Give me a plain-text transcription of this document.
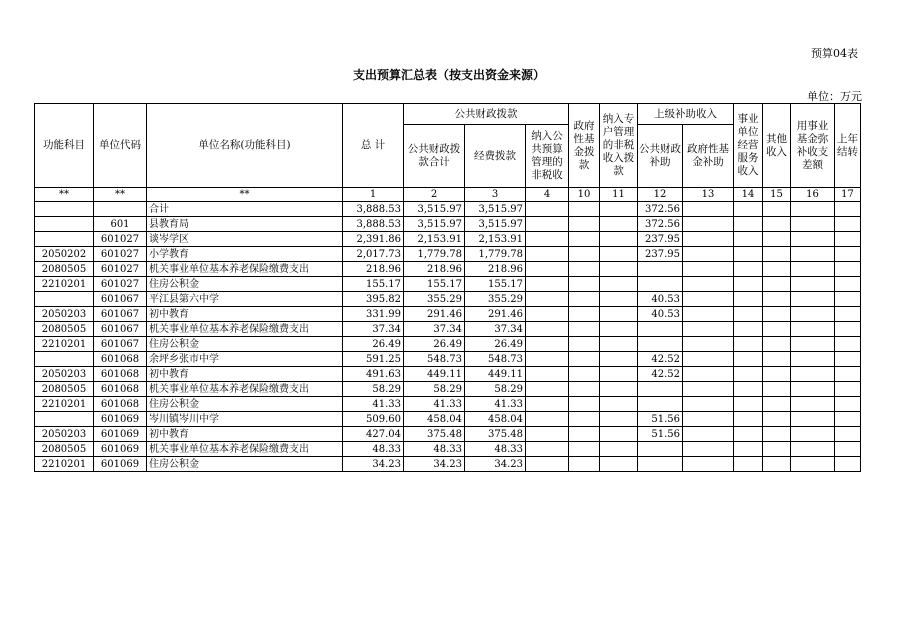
预算04表
支出预算汇总表（按支出资金来源）
单位：万元
功能科目	单位代码	单位名称(功能科目)	总 计	公共财政拨款			政府性基金拨款	纳入专户管理的非税收入拨款	上级补助收入		事业单位经营服务收入	其他收入	用事业基金弥补收支差额	上年结转
				公共财政拨款合计	经费拨款	纳入公共预算管理的非税收			公共财政补助	政府性基金补助				
**	**	**	1	2	3	4	10	11	12	13	14	15	16	17
		合计	3,888.53	3,515.97	3,515.97				372.56					
	601	县教育局	3,888.53	3,515.97	3,515.97				372.56					
	601027	谈岑学区	2,391.86	2,153.91	2,153.91				237.95					
2050202	601027	小学教育	2,017.73	1,779.78	1,779.78				237.95					
2080505	601027	机关事业单位基本养老保险缴费支出	218.96	218.96	218.96									
2210201	601027	住房公积金	155.17	155.17	155.17									
	601067	平江县第六中学	395.82	355.29	355.29				40.53					
2050203	601067	初中教育	331.99	291.46	291.46				40.53					
2080505	601067	机关事业单位基本养老保险缴费支出	37.34	37.34	37.34									
2210201	601067	住房公积金	26.49	26.49	26.49									
	601068	余坪乡张市中学	591.25	548.73	548.73				42.52					
2050203	601068	初中教育	491.63	449.11	449.11				42.52					
2080505	601068	机关事业单位基本养老保险缴费支出	58.29	58.29	58.29									
2210201	601068	住房公积金	41.33	41.33	41.33									
	601069	岑川镇岑川中学	509.60	458.04	458.04				51.56					
2050203	601069	初中教育	427.04	375.48	375.48				51.56					
2080505	601069	机关事业单位基本养老保险缴费支出	48.33	48.33	48.33									
2210201	601069	住房公积金	34.23	34.23	34.23									
